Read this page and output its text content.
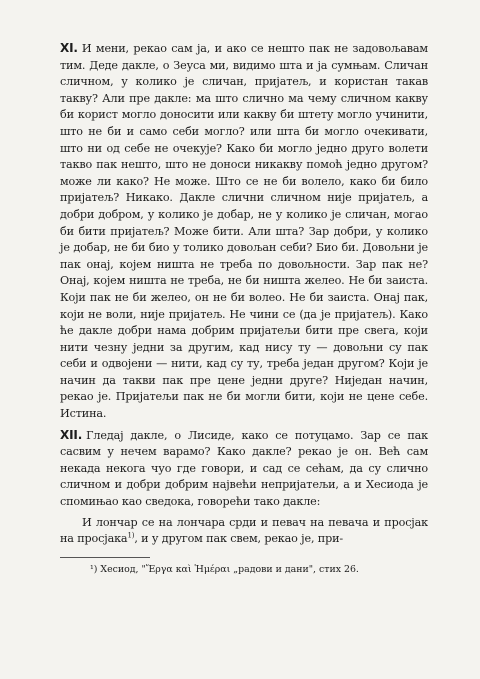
XI. И мени, рекао сам ја, и ако се нешто пак не задовољавам тим. Деде дакле, о Зеуса ми, видимо шта и ја сумњам. Сличан сличном, у колико је сличан, пријатељ, и користан такав такву? Али пре дакле: ма што слично ма чему сличном какву би корист могло доносити или какву би штету могло учинити, што не би и само себи могло? или шта би могло очекивати, што ни од себе не очекује? Како би могло једно друго волети такво пак нешто, што не доноси никакву помоћ једно другом? може ли како? Не може. Што се не би волело, како би било пријатељ? Никако. Дакле слични сличном није пријатељ, а добри добром, у колико је добар, не у колико је сличан, могао би бити пријатељ? Може бити. Али шта? Зар добри, у колико је добар, не би био у толико довољан себи? Био би. Довољни је пак онај, којем ништа не треба по довољности. Зар пак не? Онај, којем ништа не треба, не би ништа желео. Не би заиста. Који пак не би желео, он не би волео. Не би заиста. Онај пак, који не воли, није пријатељ. Не чини се (да је пријатељ). Како ће дакле добри нама добрим пријатељи бити пре свега, који нити чезну једни за другим, кад нису ту — довољни су пак себи и одвојени — нити, кад су ту, треба један другом? Који је начин да такви пак пре цене једни друге? Ниједан начин, рекао је. Пријатељи пак не би могли бити, који не цене себе. Истина.

XII. Гледај дакле, о Лисиде, како се потуцамо. Зар се пак сасвим у нечем варамо? Како дакле? рекао је он. Већ сам некада некога чуо где говори, и сад се сећам, да су слично сличном и добри добрим највећи непријатељи, а и Хесиода је спомињао као сведока, говорећи тако дакле:

И лончар се на лончара срди и певач на певача и просјак на просјака$^{1)}$, и у другом пак свем, рекао је, при-

¹) Хесиод, "Ἔργα καὶ Ἡμέραι „радови и дани", стих 26.
